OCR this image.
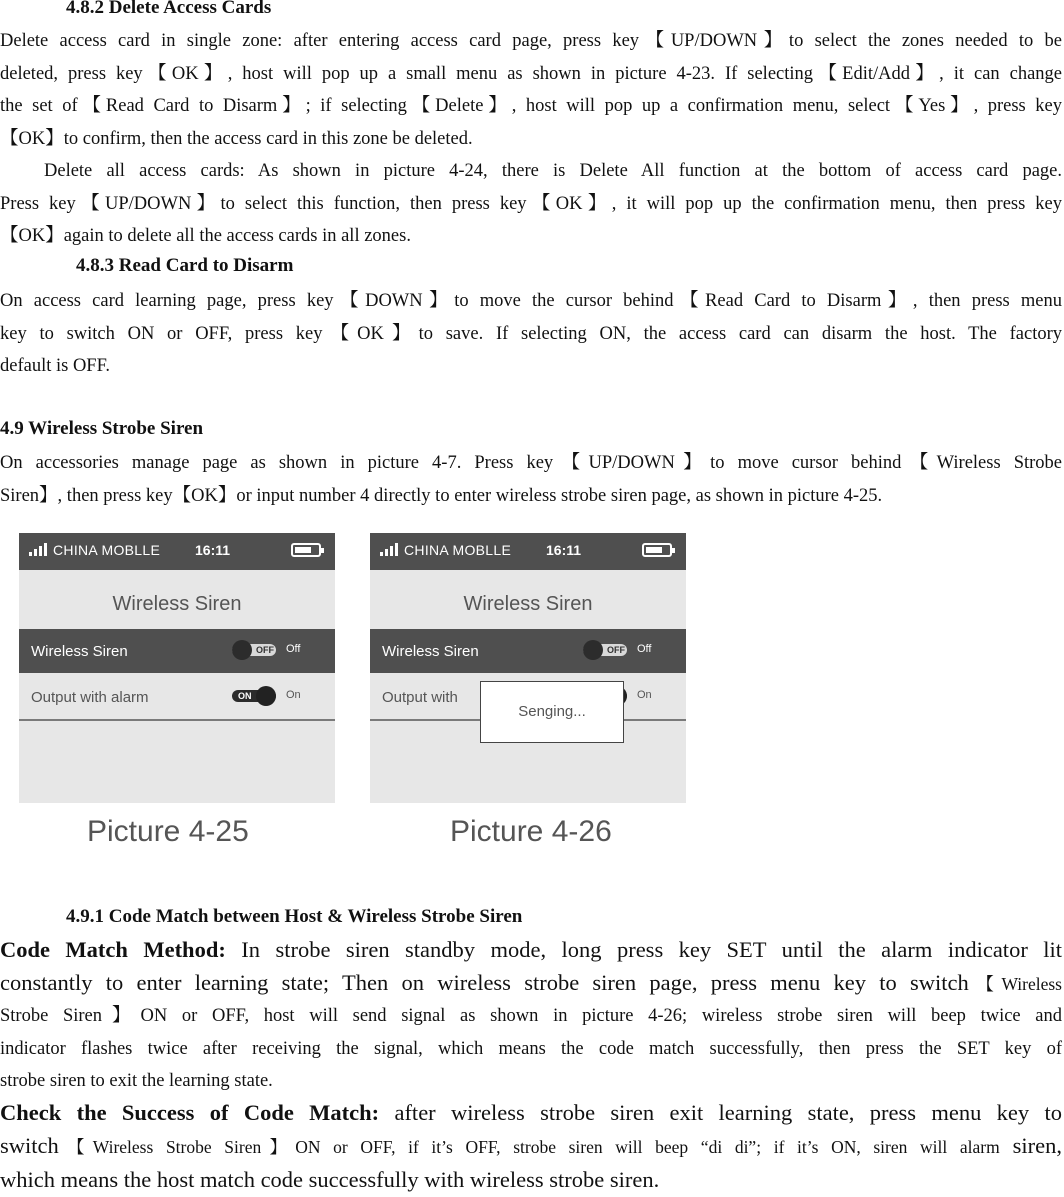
4.8.2 Delete Access Cards
Delete access card in single zone: after entering access card page, press key【UP/DOWN】to select the zones needed to be
deleted, press key【OK】, host will pop up a small menu as shown in picture 4-23. If selecting【Edit/Add】, it can change
the set of【Read Card to Disarm】; if selecting【Delete】, host will pop up a confirmation menu, select【Yes】, press key
【OK】to confirm, then the access card in this zone be deleted.
Delete all access cards: As shown in picture 4-24, there is Delete All function at the bottom of access card page.
Press key【UP/DOWN】to select this function, then press key【OK】, it will pop up the confirmation menu, then press key
【OK】again to delete all the access cards in all zones.
4.8.3 Read Card to Disarm
On access card learning page, press key【DOWN】to move the cursor behind【Read Card to Disarm】, then press menu
key to switch ON or OFF, press key【OK】to save. If selecting ON, the access card can disarm the host. The factory
default is OFF.
4.9 Wireless Strobe Siren
On accessories manage page as shown in picture 4-7. Press key【UP/DOWN】to move cursor behind【Wireless Strobe
Siren】, then press key【OK】or input number 4 directly to enter wireless strobe siren page, as shown in picture 4-25.
CHINA MOBLLE 16:11
Wireless Siren
Wireless Siren	OFF Off
Output with alarm	ON	On
CHINA MOBLLE 16:11
Wireless Siren
Wireless Siren	OFF Off
Output with	On
Senging...
Picture 4-25	Picture 4-26
4.9.1 Code Match between Host & Wireless Strobe Siren
Code Match Method: In strobe siren standby mode, long press key SET until the alarm indicator lit
constantly to enter learning state; Then on wireless strobe siren page, press menu key to switch【Wireless
Strobe Siren】ON or OFF, host will send signal as shown in picture 4-26; wireless strobe siren will beep twice and
indicator flashes twice after receiving the signal, which means the code match successfully, then press the SET key of
strobe siren to exit the learning state.
Check the Success of Code Match: after wireless strobe siren exit learning state, press menu key to
switch【Wireless Strobe Siren】ON or OFF, if it’s OFF, strobe siren will beep “di di”; if it’s ON, siren will alarm siren,
which means the host match code successfully with wireless strobe siren.
